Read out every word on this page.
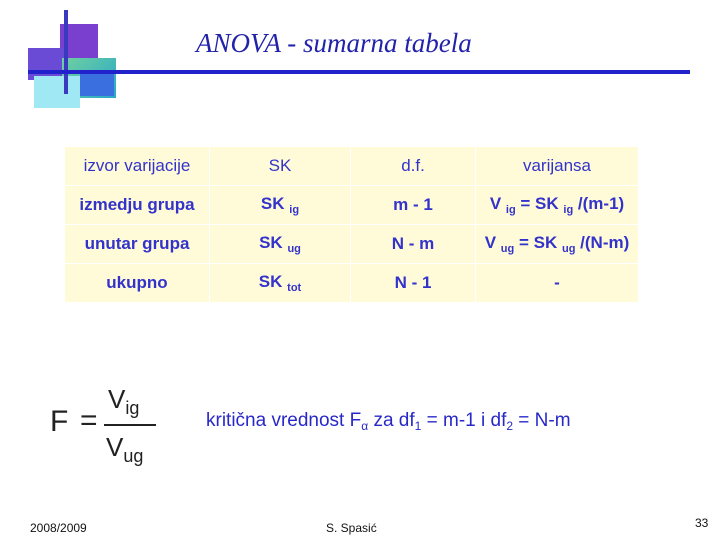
ANOVA - sumarna tabela
izvor varijacije	SK	d.f.	varijansa
izmedju grupa	SK $_{ig}$	m - 1	V $_{ig}$ = SK $_{ig}$ /(m-1)
unutar grupa	SK $_{ug}$	N - m	V $_{ug}$ = SK $_{ug}$ /(N-m)
ukupno	SK $_{tot}$	N - 1	-
F =
$V_{ig}$
$V_{ug}$
kritična vrednost $F_\alpha$ za $df_1 = m-1$ i $df_2 = N-m$
2008/2009	S. Spasić	33
